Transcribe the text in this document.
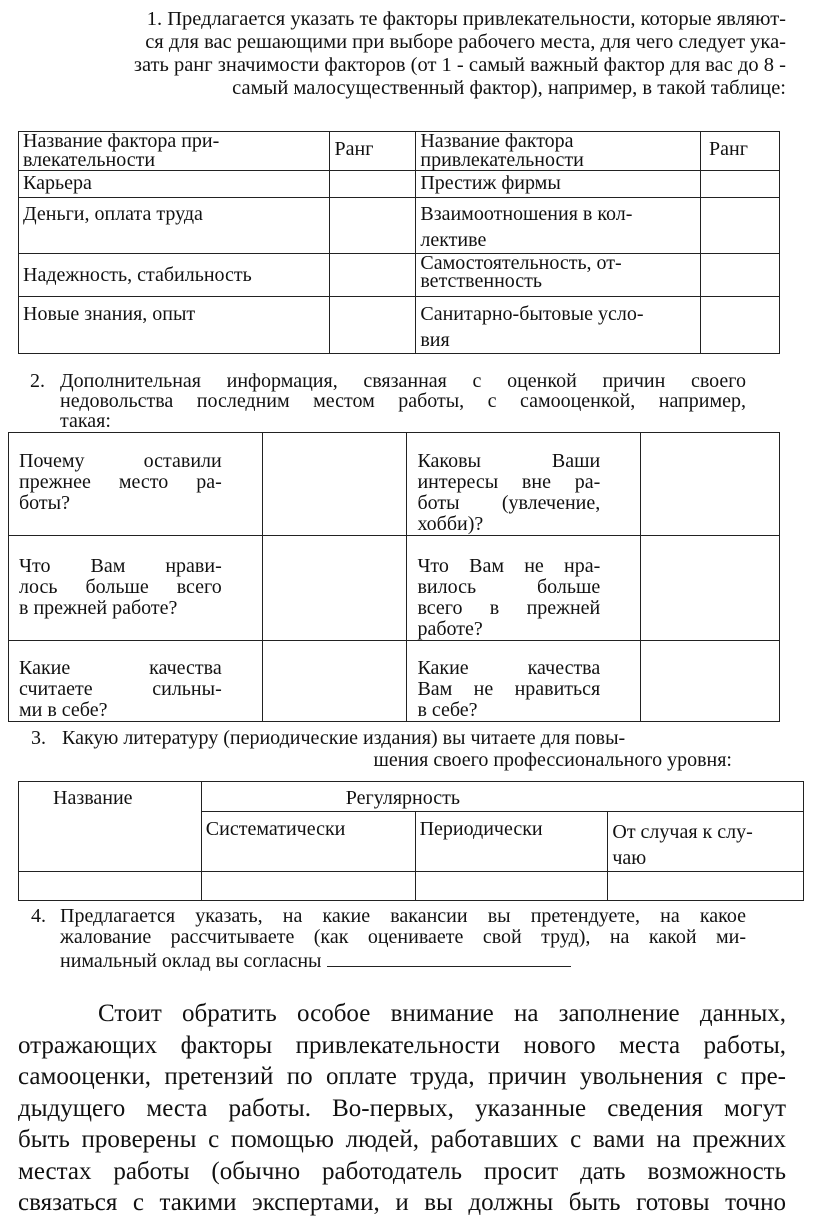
1. Предлагается указать те факторы привлекательности, которые являют-
ся для вас решающими при выборе рабочего места, для чего следует ука-
зать ранг значимости факторов (от 1 - самый важный фактор для вас до 8 -
самый малосущественный фактор), например, в такой таблице:
Название фактора при-
влекательности	Ранг	Название фактора
привлекательности	Ранг

Карьера		Престиж фирмы	

Деньги, оплата труда		Взаимоотношения в кол-
лективе	

Надежность, стабильность		Самостоятельность, от-
ветственность	

Новые знания, опыт		Санитарно-бытовые усло-
вия	

2. Дополнительная информация, связанная с оценкой причин своего
недовольства последним местом работы, с самооценкой, например,
такая:
Почему оставили
прежнее место ра-
боты?		Каковы Ваши
интересы вне ра-
боты (увлечение,
хобби)?	

Что Вам нрави-
лось больше всего
в прежней работе?		Что Вам не нра-
вилось больше
всего в прежней
работе?	

Какие качества
считаете сильны-
ми в себе?		Какие качества
Вам не нравиться
в себе?	

3. Какую литературу (периодические издания) вы читаете для повы-
шения своего профессионального уровня:
Название	Регулярность		

	Систематически	Периодически	От случая к слу-
чаю

4. Предлагается указать, на какие вакансии вы претендуете, на какое
жалование рассчитываете (как оцениваете свой труд), на какой ми-
нимальный оклад вы согласны
Стоит обратить особое внимание на заполнение данных,
отражающих факторы привлекательности нового места работы,
самооценки, претензий по оплате труда, причин увольнения с пре-
дыдущего места работы. Во-первых, указанные сведения могут
быть проверены с помощью людей, работавших с вами на прежних
местах работы (обычно работодатель просит дать возможность
связаться с такими экспертами, и вы должны быть готовы точно
